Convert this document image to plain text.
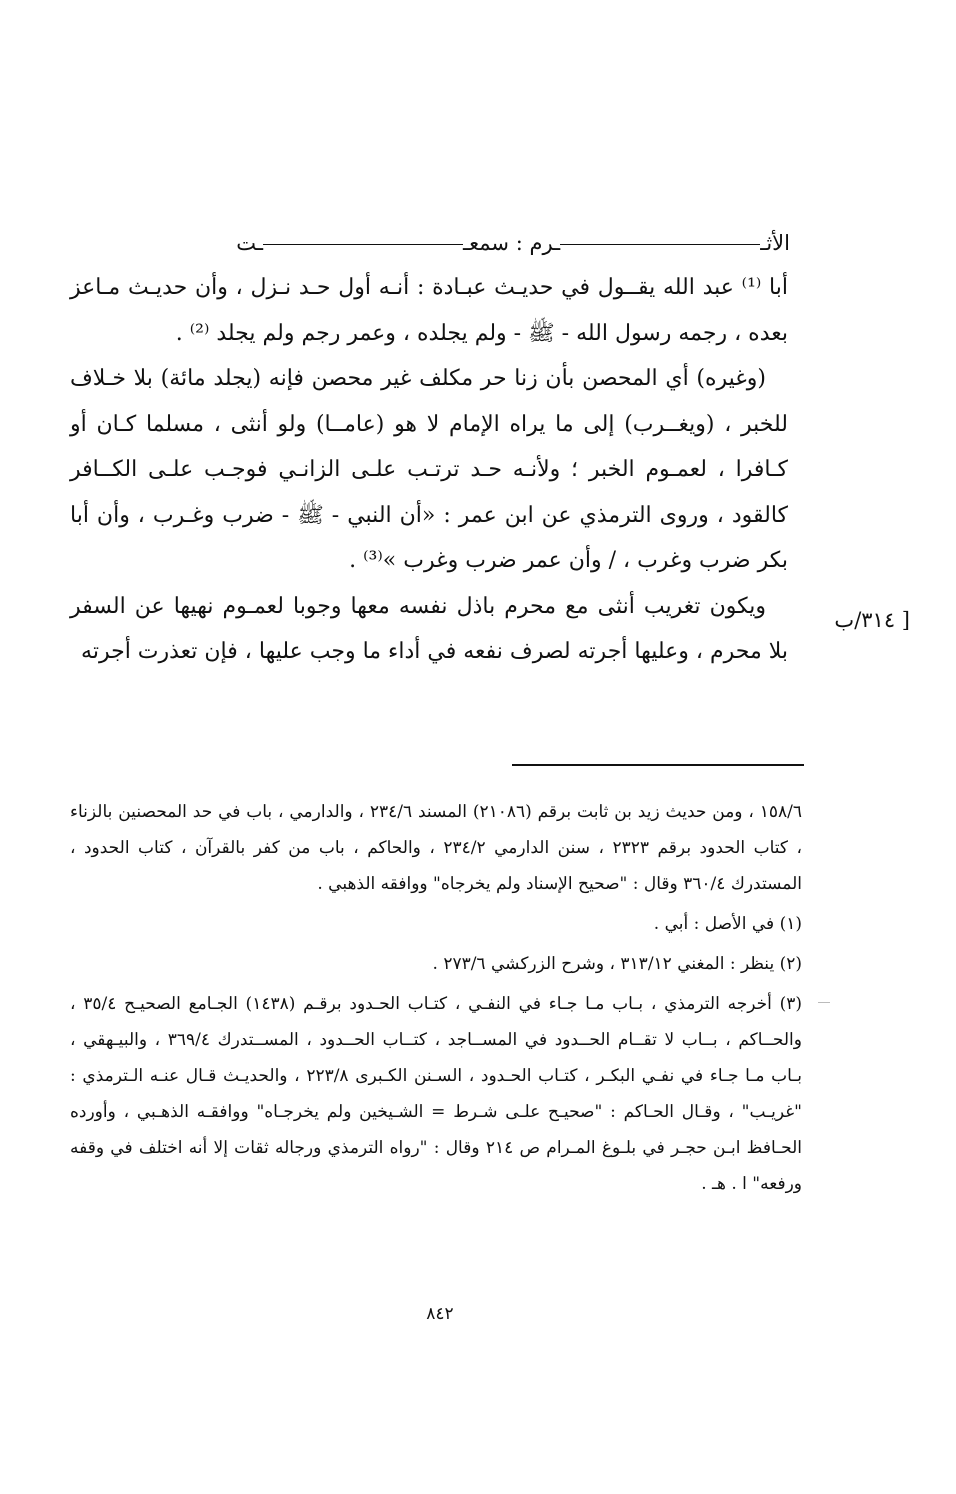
الأثــرم : سمعــت

أبا ⁽¹⁾ عبد الله يقــول في حديـث عبـادة : أنـه أول حـد نـزل ، وأن حديـث مـاعز بعده ، رجمه رسول الله - ﷺ - ولم يجلده ، وعمر رجم ولم يجلد ⁽²⁾ .

(وغيره) أي المحصن بأن زنا حر مكلف غير محصن فإنه (يجلد مائة) بلا خـلاف للخبر ، (ويغــرب) إلى ما يراه الإمام لا هو (عامــا) ولو أنثى ، مسلما كـان أو كـافرا ، لعمـوم الخبر ؛ ولأنـه حـد ترتـب علـى الزانـي فوجـب علـى الكــافر كالقود ، وروى الترمذي عن ابن عمر : «أن النبي - ﷺ - ضرب وغـرب ، وأن أبا بكر ضرب وغرب ، / وأن عمر ضرب وغرب »⁽³⁾ .

ويكون تغريب أنثى مع محرم باذل نفسه معها وجوبا لعمـوم نهيها عن السفر بلا محرم ، وعليها أجرته لصرف نفعه في أداء ما وجب عليها ، فإن تعذرت أجرته

[ ٣١٤/ب

١٥٨/٦ ، ومن حديث زيد بن ثابت برقم (٢١٠٨٦) المسند ٢٣٤/٦ ، والدارمي ، باب في حد المحصنين بالزناء ، كتاب الحدود برقم ٢٣٢٣ ، سنن الدارمي ٢٣٤/٢ ، والحاكم ، باب من كفر بالقرآن ، كتاب الحدود ، المستدرك ٣٦٠/٤ وقال : "صحيح الإسناد ولم يخرجاه" ووافقه الذهبي .

(١) في الأصل : أبي .

(٢) ينظر : المغني ٣١٣/١٢ ، وشرح الزركشي ٢٧٣/٦ .

(٣) أخرجه الترمذي ، بـاب مـا جـاء في النفـي ، كتـاب الحـدود برقـم (١٤٣٨) الجـامع الصحيـح ٣٥/٤ ، والحــاكم ، بــاب لا تقــام الحــدود في المســاجد ، كتــاب الحــدود ، المســتدرك ٣٦٩/٤ ، والبيـهقي ، بـاب مـا جـاء في نفـي البكـر ، كتـاب الحـدود ، السـنن الكـبرى ٢٢٣/٨ ، والحديـث قـال عنـه الـترمذي : "غريـب" ، وقـال الحـاكم : "صحيـح علـى شـرط = الشـيخين ولم يخرجـاه" ووافقـه الذهـبي ، وأورده الحـافظ ابـن حجـر في بلـوغ المـرام ص ٢١٤ وقال : "رواه الترمذي ورجاله ثقات إلا أنه اختلف في وقفه ورفعه" ا . هـ .

٨٤٢
